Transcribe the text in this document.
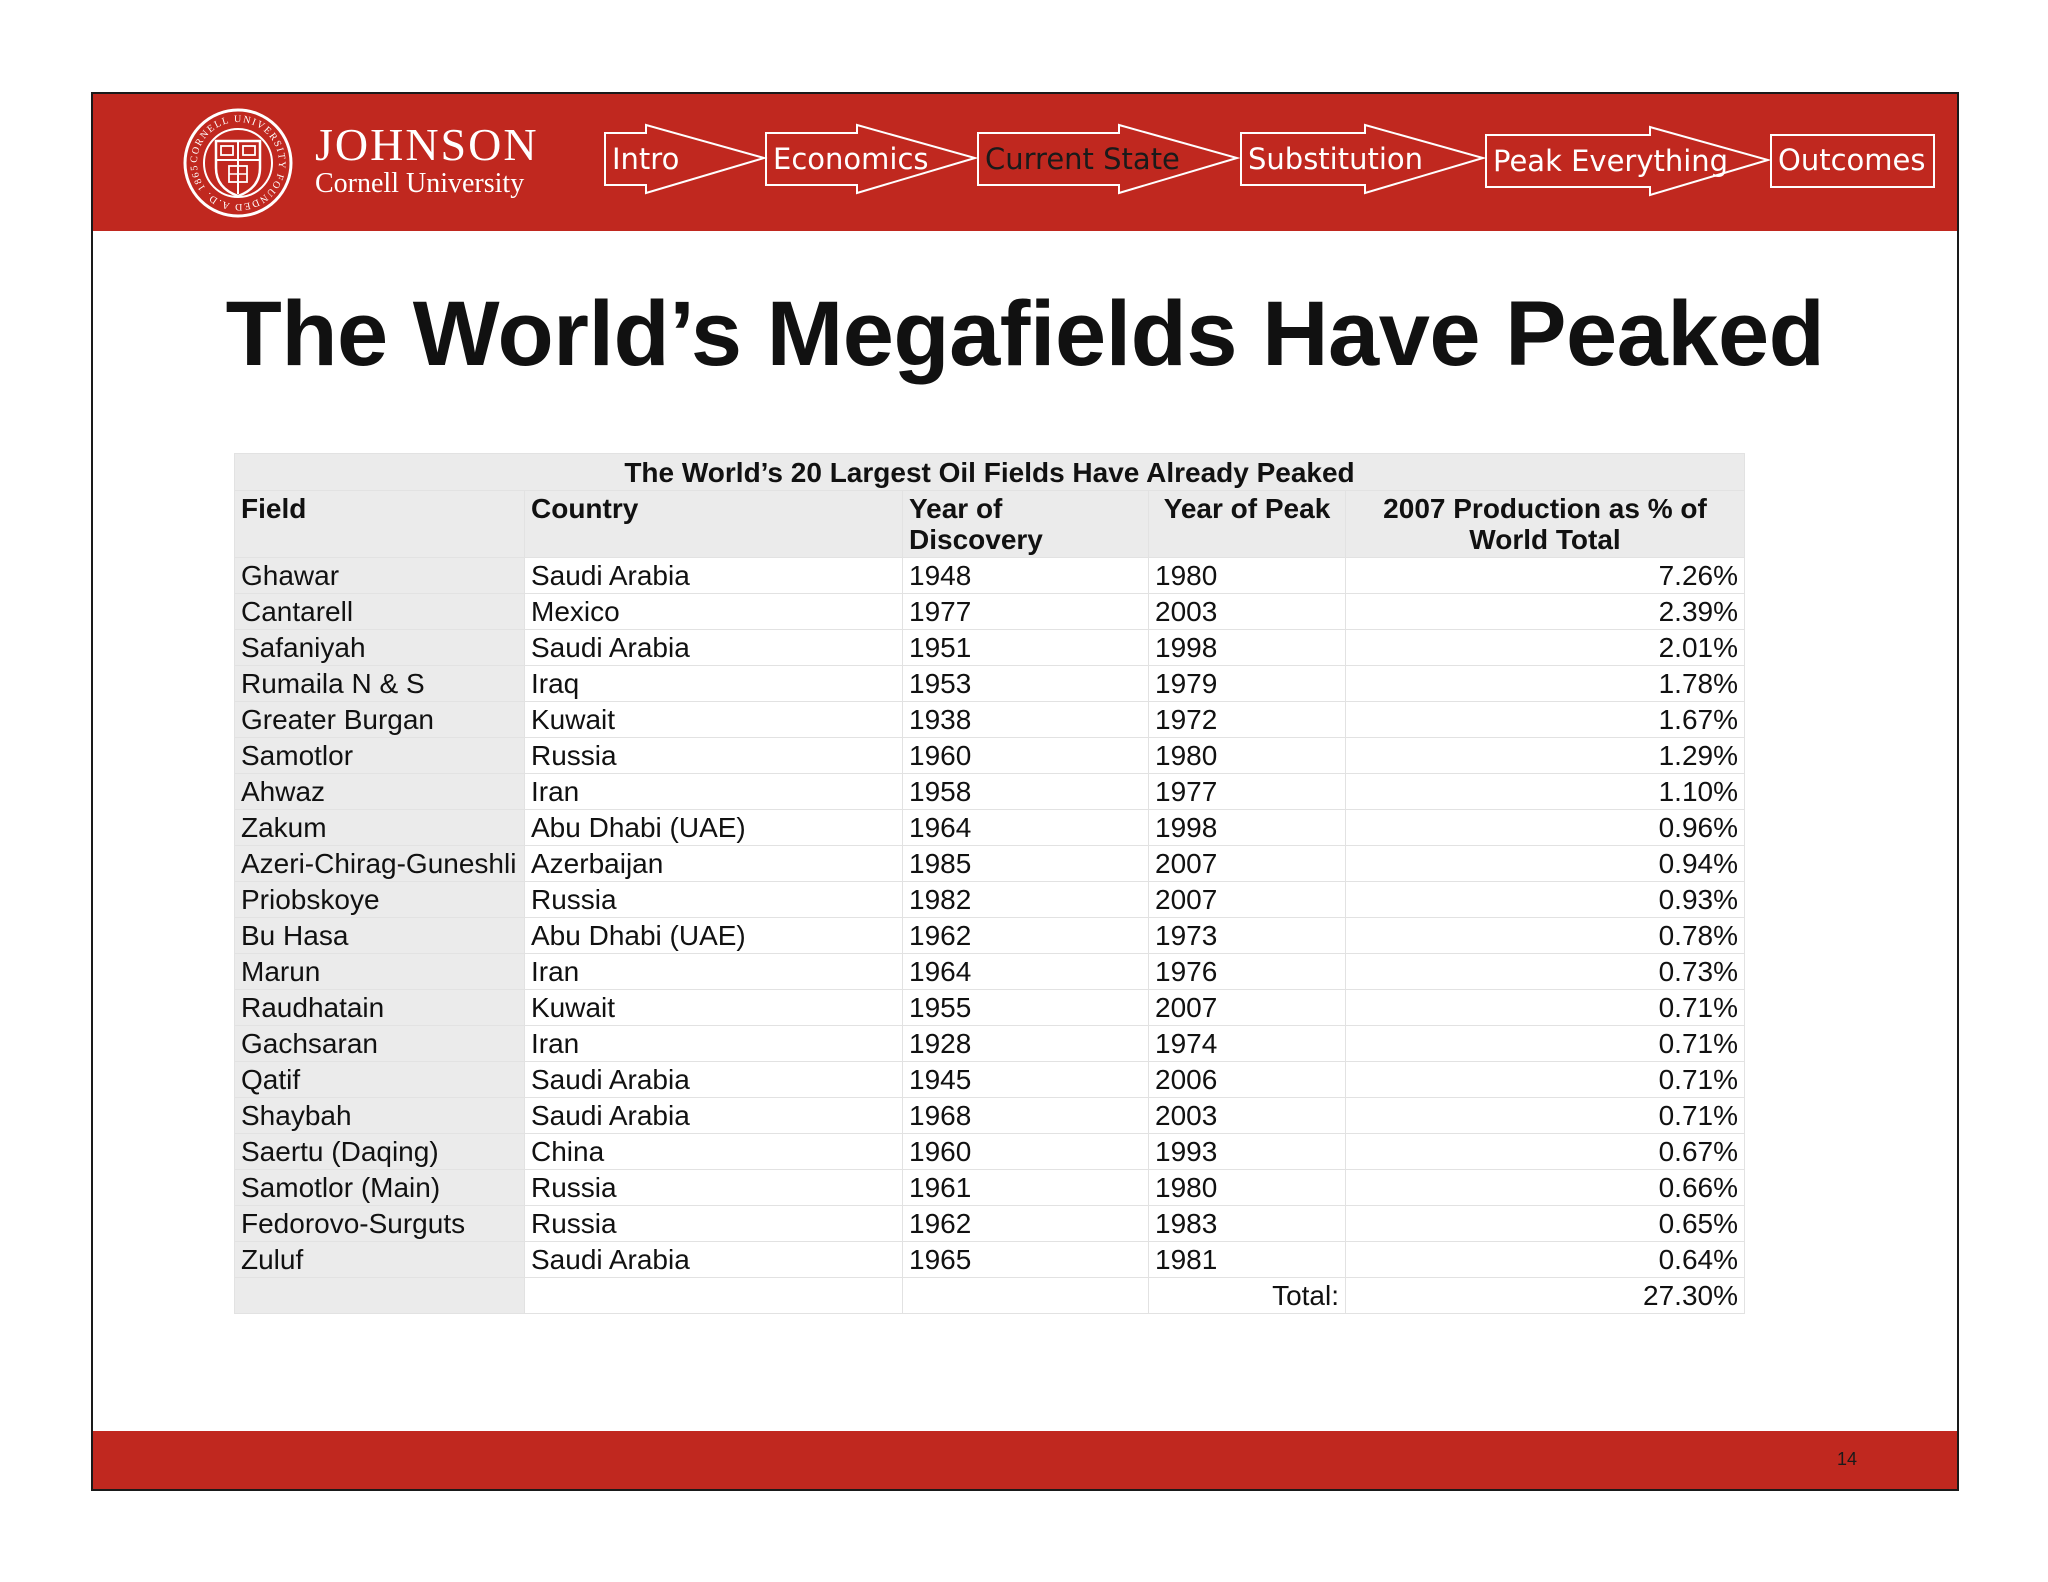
CORNELL UNIVERSITY FOUNDED A.D. 1865	JOHNSON
Cornell University
Intro	Economics Current State Substitution Peak Everything Outcomes
The World’s Megafields Have Peaked
The World’s 20 Largest Oil Fields Have Already Peaked				
Field	Country	Year of Discovery	Year of Peak	2007 Production as % of World Total
Ghawar	Saudi Arabia	1948	1980	7.26%
Cantarell	Mexico	1977	2003	2.39%
Safaniyah	Saudi Arabia	1951	1998	2.01%
Rumaila N & S	Iraq	1953	1979	1.78%
Greater Burgan	Kuwait	1938	1972	1.67%
Samotlor	Russia	1960	1980	1.29%
Ahwaz	Iran	1958	1977	1.10%
Zakum	Abu Dhabi (UAE)	1964	1998	0.96%
Azeri-Chirag-Guneshli	Azerbaijan	1985	2007	0.94%
Priobskoye	Russia	1982	2007	0.93%
Bu Hasa	Abu Dhabi (UAE)	1962	1973	0.78%
Marun	Iran	1964	1976	0.73%
Raudhatain	Kuwait	1955	2007	0.71%
Gachsaran	Iran	1928	1974	0.71%
Qatif	Saudi Arabia	1945	2006	0.71%
Shaybah	Saudi Arabia	1968	2003	0.71%
Saertu (Daqing)	China	1960	1993	0.67%
Samotlor (Main)	Russia	1961	1980	0.66%
Fedorovo-Surguts	Russia	1962	1983	0.65%
Zuluf	Saudi Arabia	1965	1981	0.64%
			Total:	27.30%
14
